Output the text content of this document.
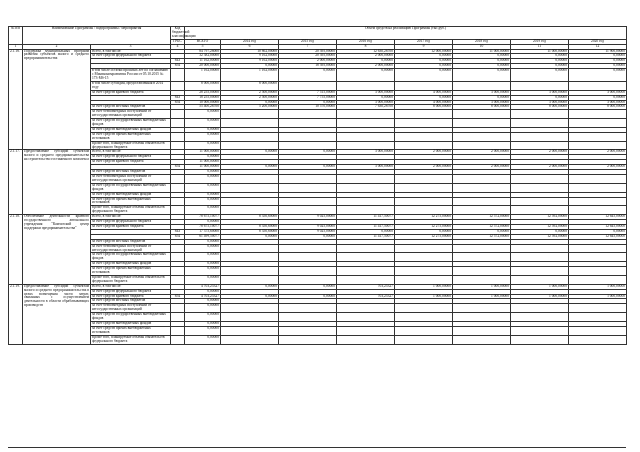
№ п/п	Наименование Программы / подпрограммы / мероприятия		Код бюджетной классификации	Объем средств на реализацию Программы (тыс.руб.)							
			ГРБС	ВСЕГО	2014 год	2015 год	2016 год	2017 год	2018 год	2019 год	2020 год
1	2	3	4	5	6	7	8	9	10	11	12
2.1.16.	Поддержка муниципальных программ развития субъектов малого и среднего предпринимательства	Всего, в том числе:		84 797,26000	10 862,00000	20 395,00000	12 630,26700	12 000,00000	11 000,00000	11 000,00000	11 900,00000
		за счет средств федерального бюджета		32 382,00000	9 162,00000	20 395,00000	2 000,00000	0,00000	0,00000	0,00000	0,00000
			843	11 162,00000	9 162,00000	2 000,00000	0,00000	0,00000	0,00000	0,00000	0,00000
			854	20 000,00000	0,00000	18 395,00000	2 000,00000	0,00000	0,00000	0,00000	0,00000
		в том числе остатки прошлых лет по соглашению с Минэкономразвития России от 05.10.2015 № 173-Мб-15		1 162,00000	1 162,00000	0,00000	0,00000	0,00000	0,00000	0,00000	0,00000
		в том числе субсидия, предоставленная в 2014 году		8 000,00000	8 000,00000						
		за счет средств краевого бюджета		28 255,00000	2 500,00000	7 515,00000	3 000,00000	4 000,00000	3 000,00000	3 000,00000	3 000,00000
			843	18 255,00000	2 500,00000	7 755,00000	0,00000	0,00000	0,00000	0,00000	0,00000
			854	10 000,00000	0,00000	0,00000	3 000,00000	4 000,00000	3 000,00000	3 000,00000	3 000,00000
		за счет средств местных бюджетов		55 400,26700	5 200,00000	10 570,00000	7 630,26700	8 000,00000	8 000,00000	8 000,00000	8 000,00000
		за счет безвозмездных поступлений от негосударственных организаций		0,00000							
		за счет средств государственных внебюджетных фондов		0,00000							
		за счет средств внебюджетных фондов		0,00000							
		за счет средств прочих внебюджетных источников		0,00000							
		Кроме того, планируемые объемы обязательств федерального бюджета		0,00000							
2.1.17.	Предоставление субсидий субъектам малого и среднего предпринимательства на строительство гостиничного комплекса	Всего, в том числе:		11 000,00000	0,00000	0,00000	3 000,00000	2 000,00000	2 000,00000	2 000,00000	2 000,00000
		за счет средств федерального бюджета		0,00000							
		за счет средств краевого бюджета		11 000,00000							
			854	11 000,00000	0,00000	0,00000	3 000,00000	2 000,00000	2 000,00000	2 000,00000	2 000,00000
		за счет средств местных бюджетов		0,00000							
		за счет безвозмездных поступлений от негосударственных организаций		0,00000							
		за счет средств государственных внебюджетных фондов		0,00000							
		за счет средств внебюджетных фондов		0,00000							
		за счет средств прочих внебюджетных источников		0,00000							
		Кроме того, планируемые объемы обязательств федерального бюджета		0,00000							
2.1.18.	Обеспечение деятельности краевого государственного автономного учреждения "Камчатский центр поддержки предпринимательства"	Всего, в том числе:		78 675,10077	8 350,60000	9 025,00000	11 417,50077	12 275,00000	12 572,00000	12 592,00000	12 645,00000
		за счет средств федерального бюджета		0,00000							
		за счет средств краевого бюджета		78 675,10077	8 350,60000	9 025,00000	11 417,50077	12 275,00000	12 572,00000	12 592,00000	12 645,00000
			843	17 375,60000	8 350,60000	9 025,00000	0,00000	0,00000	0,00000	0,00000	0,00000
			854	61 499,50077	0,00000	0,00000	11 417,50077	12 275,00000	12 572,00000	12 592,00000	12 645,00000
		за счет средств местных бюджетов		0,00000							
		за счет безвозмездных поступлений от негосударственных организаций		0,00000							
		за счет средств государственных внебюджетных фондов		0,00000							
		за счет средств внебюджетных фондов		0,00000							
		за счет средств прочих внебюджетных источников		0,00000							
		Кроме того, планируемые объемы обязательств федерального бюджета		0,00000							
2.1.19.	Предоставление субсидий субъектам малого и среднего предпринимательства в целях возмещения части затрат, связанных с осуществлением деятельности в области обрабатывающих производств	Всего, в том числе:		4 703,25327	0,00000	0,00000	703,25327	1 000,00000	1 000,00000	1 000,00000	1 000,00000
		за счет средств федерального бюджета		0,00000							
		за счет средств краевого бюджета	854	4 703,25327	0,00000	0,00000	703,25327	1 000,00000	1 000,00000	1 000,00000	1 000,00000
		за счет средств местных бюджетов		0,00000							
		за счет безвозмездных поступлений от негосударственных организаций		0,00000							
		за счет средств государственных внебюджетных фондов		0,00000							
		за счет средств внебюджетных фондов		0,00000							
		за счет средств прочих внебюджетных источников		0,00000							
		Кроме того, планируемые объемы обязательств федерального бюджета		0,00000							
